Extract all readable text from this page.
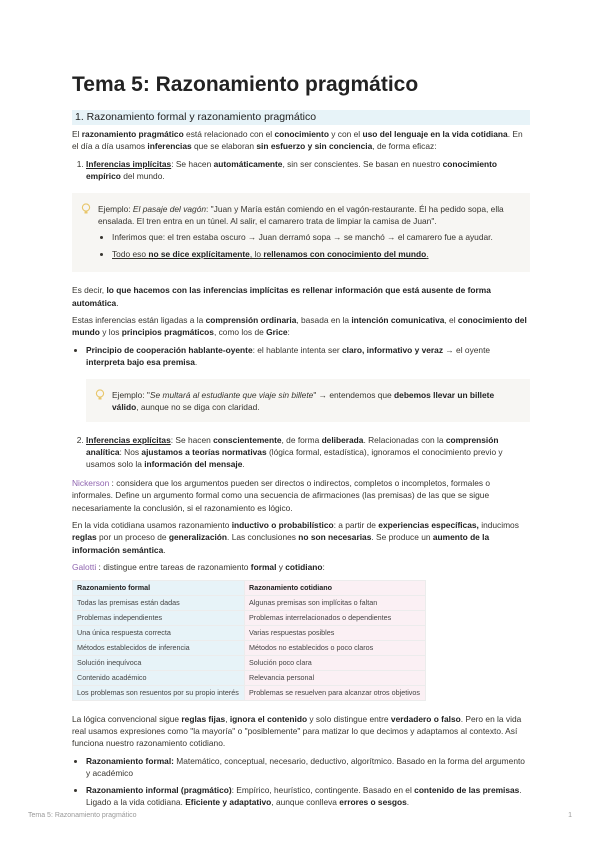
Tema 5: Razonamiento pragmático
1. Razonamiento formal y razonamiento pragmático

El razonamiento pragmático está relacionado con el conocimiento y con el uso del lenguaje en la vida cotidiana. En el día a día usamos inferencias que se elaboran sin esfuerzo y sin conciencia, de forma eficaz:

1. Inferencias implícitas: Se hacen automáticamente, sin ser conscientes. Se basan en nuestro conocimiento empírico del mundo.
Ejemplo: El pasaje del vagón: "Juan y María están comiendo en el vagón-restaurante. Él ha pedido sopa, ella ensalada. El tren entra en un túnel. Al salir, el camarero trata de limpiar la camisa de Juan".
• Inferimos que: el tren estaba oscuro → Juan derramó sopa → se manchó → el camarero fue a ayudar.
• Todo eso no se dice explícitamente, lo rellenamos con conocimiento del mundo.

Es decir, lo que hacemos con las inferencias implícitas es rellenar información que está ausente de forma automática.

Estas inferencias están ligadas a la comprensión ordinaria, basada en la intención comunicativa, el conocimiento del mundo y los principios pragmáticos, como los de Grice:

• Principio de cooperación hablante-oyente: el hablante intenta ser claro, informativo y veraz → el oyente interpreta bajo esa premisa.
Ejemplo: "Se multará al estudiante que viaje sin billete" → entendemos que debemos llevar un billete válido, aunque no se diga con claridad.
2. Inferencias explícitas: Se hacen conscientemente, de forma deliberada. Relacionadas con la comprensión analítica: Nos ajustamos a teorías normativas (lógica formal, estadística), ignoramos el conocimiento previo y usamos solo la información del mensaje.

Nickerson : considera que los argumentos pueden ser directos o indirectos, completos o incompletos, formales o informales. Define un argumento formal como una secuencia de afirmaciones (las premisas) de las que se sigue necesariamente la conclusión, si el razonamiento es lógico.

En la vida cotidiana usamos razonamiento inductivo o probabilístico: a partir de experiencias específicas, inducimos reglas por un proceso de generalización. Las conclusiones no son necesarias. Se produce un aumento de la información semántica.

Galotti : distingue entre tareas de razonamiento formal y cotidiano:

Razonamiento formal	Razonamiento cotidiano
Todas las premisas están dadas	Algunas premisas son implícitas o faltan
Problemas independientes	Problemas interrelacionados o dependientes
Una única respuesta correcta	Varias respuestas posibles
Métodos establecidos de inferencia	Métodos no establecidos o poco claros
Solución inequívoca	Solución poco clara
Contenido académico	Relevancia personal
Los problemas son resuentos por su propio interés	Problemas se resuelven para alcanzar otros objetivos

La lógica convencional sigue reglas fijas, ignora el contenido y solo distingue entre verdadero o falso. Pero en la vida real usamos expresiones como "la mayoría" o "posiblemente" para matizar lo que decimos y adaptamos al contexto. Así funciona nuestro razonamiento cotidiano.

• Razonamiento formal: Matemático, conceptual, necesario, deductivo, algorítmico. Basado en la forma del argumento y académico
• Razonamiento informal (pragmático): Empírico, heurístico, contingente. Basado en el contenido de las premisas. Ligado a la vida cotidiana. Eficiente y adaptativo, aunque conlleva errores o sesgos.
Tema 5: Razonamiento pragmático	1
